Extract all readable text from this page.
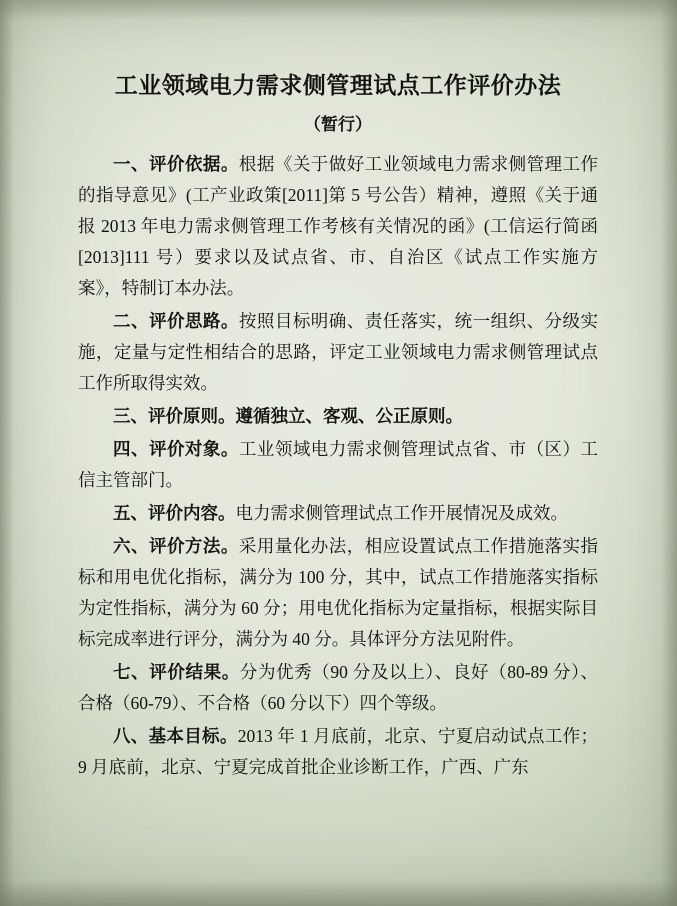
工业领域电力需求侧管理试点工作评价办法
（暂行）

一、评价依据。根据《关于做好工业领域电力需求侧管理工作的指导意见》(工产业政策[2011]第 5 号公告）精神，遵照《关于通报 2013 年电力需求侧管理工作考核有关情况的函》(工信运行简函[2013]111 号）要求以及试点省、市、自治区《试点工作实施方案》，特制订本办法。

二、评价思路。按照目标明确、责任落实，统一组织、分级实施，定量与定性相结合的思路，评定工业领域电力需求侧管理试点工作所取得实效。

三、评价原则。遵循独立、客观、公正原则。

四、评价对象。工业领域电力需求侧管理试点省、市（区）工信主管部门。

五、评价内容。电力需求侧管理试点工作开展情况及成效。

六、评价方法。采用量化办法，相应设置试点工作措施落实指标和用电优化指标，满分为 100 分，其中，试点工作措施落实指标为定性指标，满分为 60 分；用电优化指标为定量指标，根据实际目标完成率进行评分，满分为 40 分。具体评分方法见附件。

七、评价结果。分为优秀（90 分及以上）、良好（80-89 分）、合格（60-79）、不合格（60 分以下）四个等级。

八、基本目标。2013 年 1 月底前，北京、宁夏启动试点工作；9 月底前，北京、宁夏完成首批企业诊断工作，广西、广东
